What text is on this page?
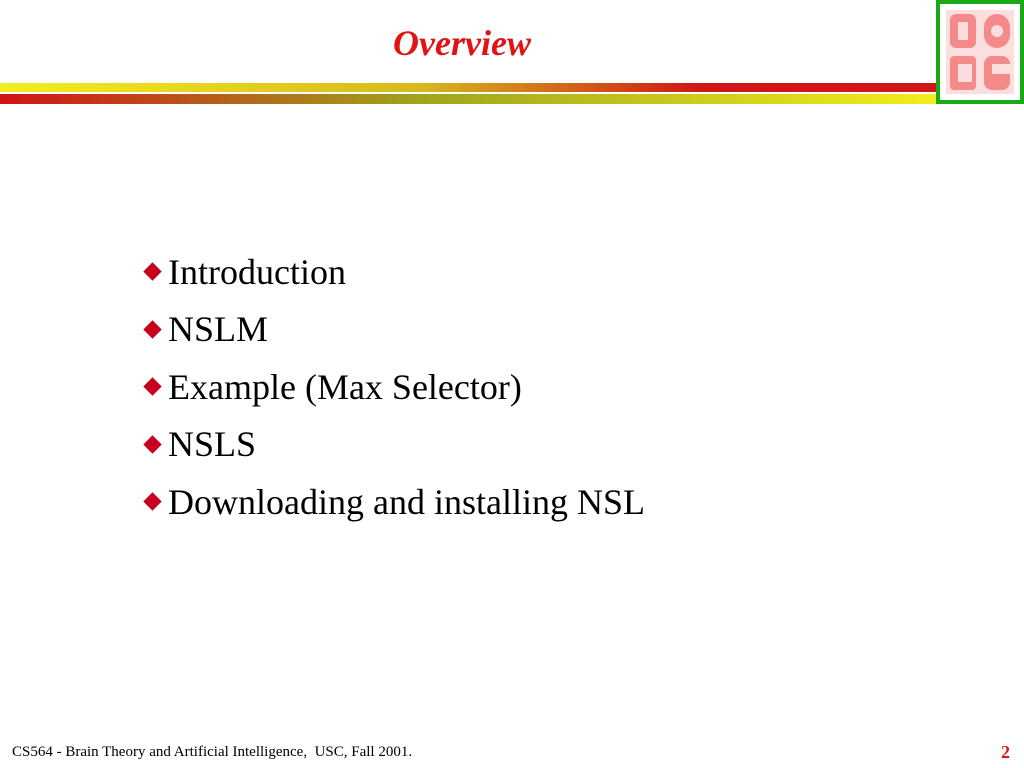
Overview
Introduction
NSLM
Example (Max Selector)
NSLS
Downloading and installing NSL
CS564 - Brain Theory and Artificial Intelligence,  USC, Fall 2001.	2
